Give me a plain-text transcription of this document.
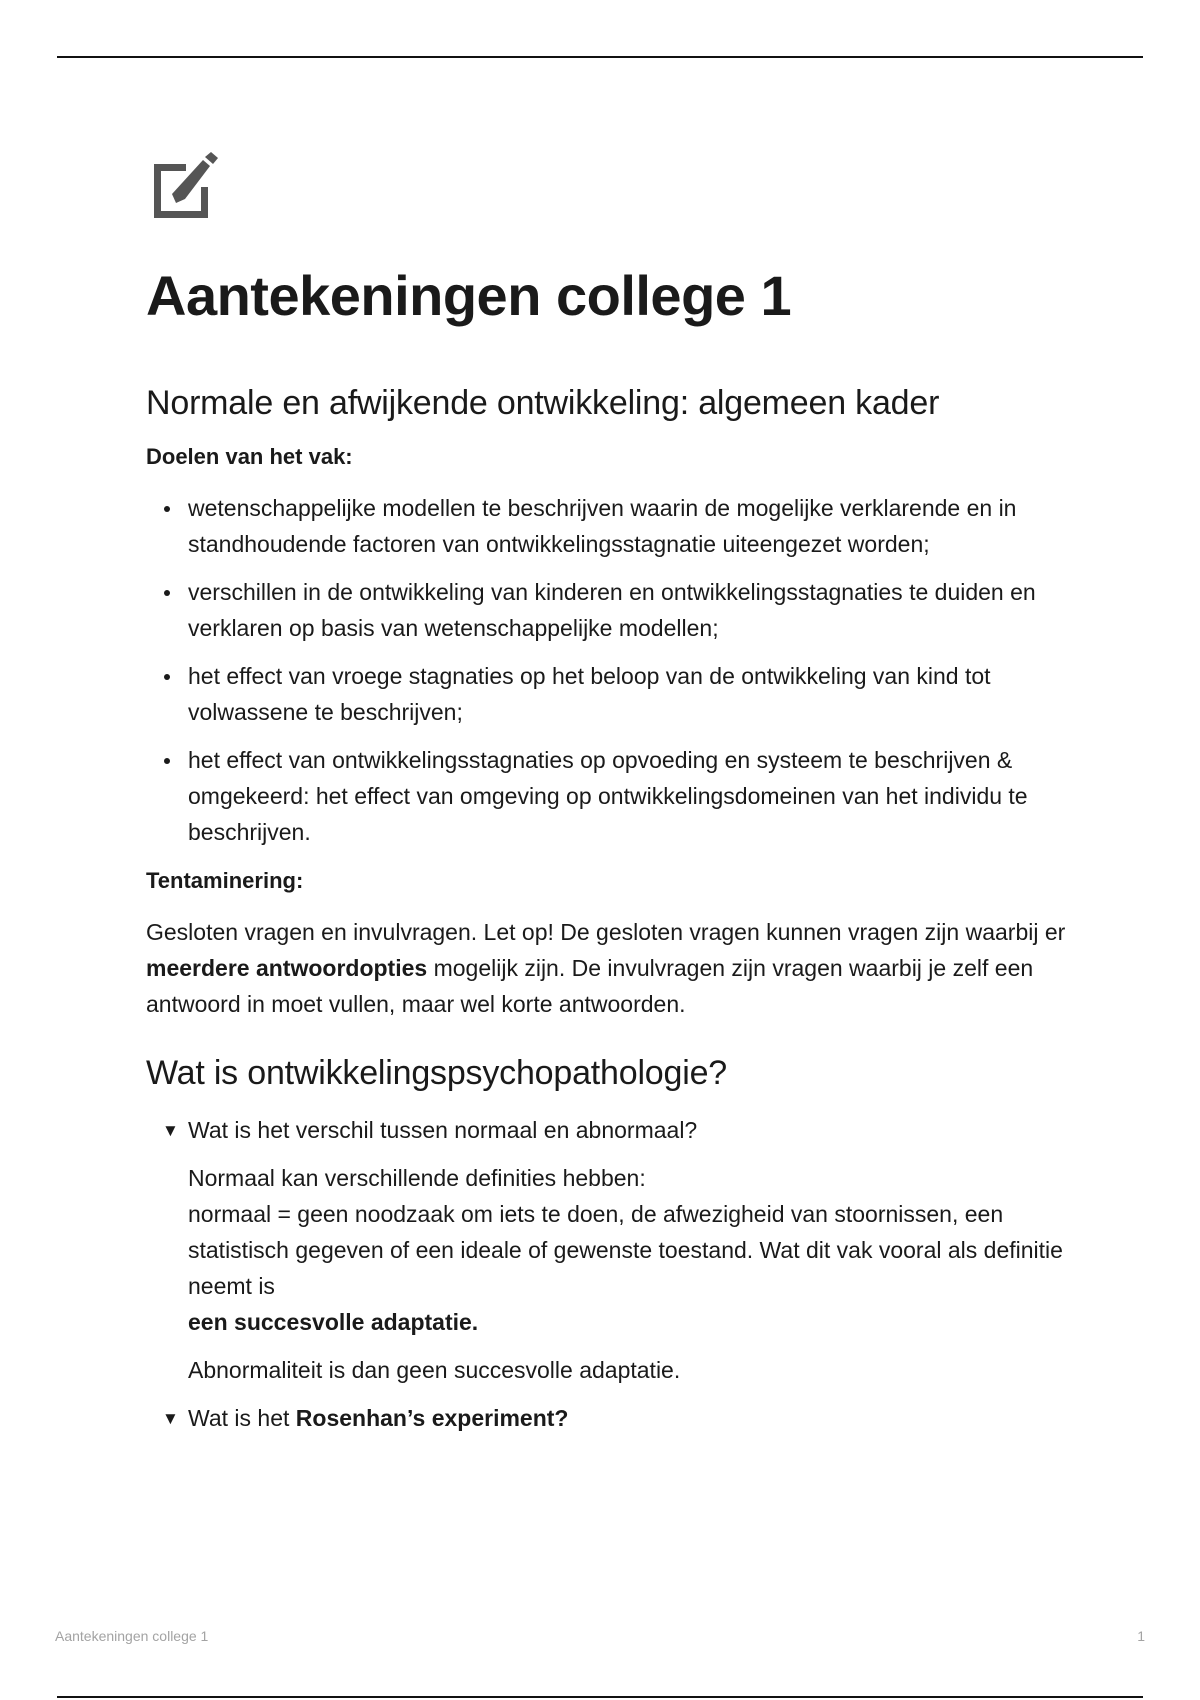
Aantekeningen college 1
Normale en afwijkende ontwikkeling: algemeen kader
Doelen van het vak:
wetenschappelijke modellen te beschrijven waarin de mogelijke verklarende en in standhoudende factoren van ontwikkelingsstagnatie uiteengezet worden;
verschillen in de ontwikkeling van kinderen en ontwikkelingsstagnaties te duiden en verklaren op basis van wetenschappelijke modellen;
het effect van vroege stagnaties op het beloop van de ontwikkeling van kind tot volwassene te beschrijven;
het effect van ontwikkelingsstagnaties op opvoeding en systeem te beschrijven & omgekeerd: het effect van omgeving op ontwikkelingsdomeinen van het individu te beschrijven.
Tentaminering:

Gesloten vragen en invulvragen. Let op! De gesloten vragen kunnen vragen zijn waarbij er meerdere antwoordopties mogelijk zijn. De invulvragen zijn vragen waarbij je zelf een antwoord in moet vullen, maar wel korte antwoorden.

Wat is ontwikkelingspsychopathologie?
▼ Wat is het verschil tussen normaal en abnormaal?

Normaal kan verschillende definities hebben:

normaal = geen noodzaak om iets te doen, de afwezigheid van stoornissen, een statistisch gegeven of een ideale of gewenste toestand. Wat dit vak vooral als definitie neemt is

een succesvolle adaptatie.

Abnormaliteit is dan geen succesvolle adaptatie.

▼ Wat is het Rosenhan’s experiment?
Aantekeningen college 1	1
